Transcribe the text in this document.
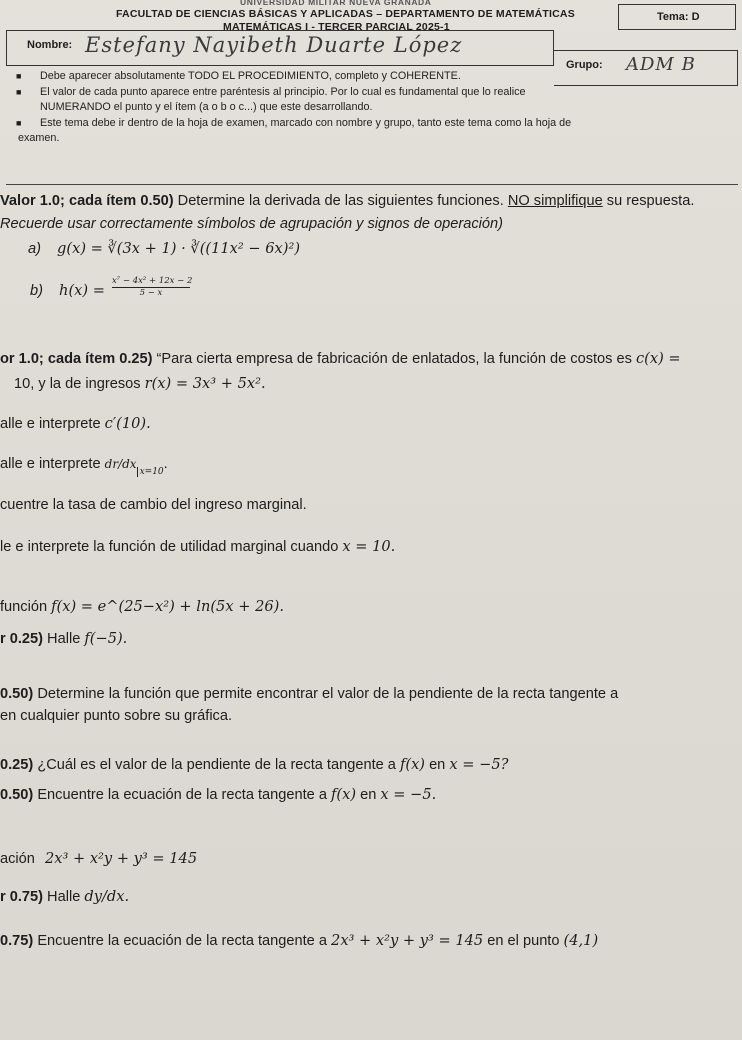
UNIVERSIDAD MILITAR NUEVA GRANADA
FACULTAD DE CIENCIAS BÁSICAS Y APLICADAS – DEPARTAMENTO DE MATEMÁTICAS
MATEMÁTICAS I - TERCER PARCIAL 2025-1
Tema: D
Nombre: Estefany Nayibeth Duarte López
Grupo: ADM B
■ Debe aparecer absolutamente TODO EL PROCEDIMIENTO, completo y COHERENTE.
■ El valor de cada punto aparece entre paréntesis al principio. Por lo cual es fundamental que lo realice
NUMERANDO el punto y el ítem (a o b o c...) que este desarrollando.
■ Este tema debe ir dentro de la hoja de examen, marcado con nombre y grupo, tanto este tema como la hoja de
examen.
Valor 1.0; cada ítem 0.50) Determine la derivada de las siguientes funciones. NO simplifique su respuesta.
Recuerde usar correctamente símbolos de agrupación y signos de operación)
a) g(x) = ∛(3x + 1) · ∛((11x² − 6x)²)
b) $h(x) = \frac{\text{x⁷ − 4x² + 12x − 2}}{5 - x}$
or 1.0; cada ítem 0.25) “Para cierta empresa de fabricación de enlatados, la función de costos es c(x) =
10, y la de ingresos r(x) = 3x³ + 5x².
alle e interprete c′(10).
alle e interprete $dr/dx_{x=10}$.
cuentre la tasa de cambio del ingreso marginal.
le e interprete la función de utilidad marginal cuando x = 10.
función f(x) = e^(25−x²) + ln(5x + 26).
r 0.25) Halle f(−5).
0.50) Determine la función que permite encontrar el valor de la pendiente de la recta tangente a
en cualquier punto sobre su gráfica.
0.25) ¿Cuál es el valor de la pendiente de la recta tangente a f(x) en x = −5?
0.50) Encuentre la ecuación de la recta tangente a f(x) en x = −5.
ación 2x³ + x²y + y³ = 145
r 0.75) Halle dy/dx.
0.75) Encuentre la ecuación de la recta tangente a 2x³ + x²y + y³ = 145 en el punto (4,1)
